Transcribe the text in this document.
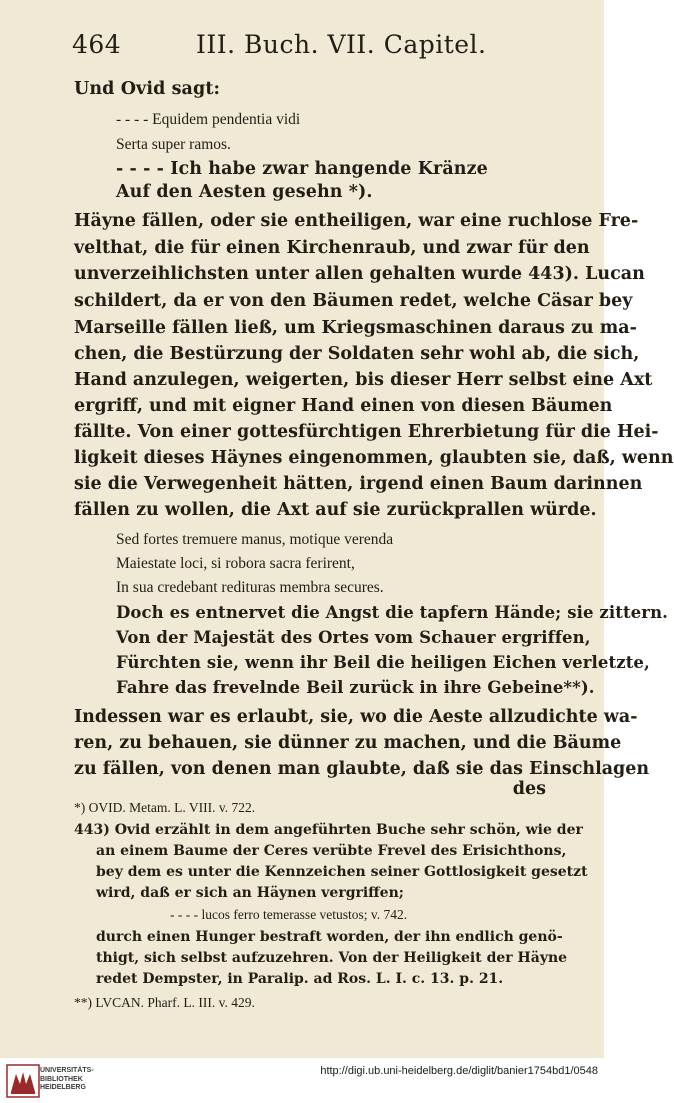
464	III. Buch. VII. Capitel.
Und Ovid sagt:
- - - - Equidem pendentia vidi
Serta super ramos.
- - - - Ich habe zwar hangende Kränze
Auf den Aesten gesehn *).
Häyne fällen, oder sie entheiligen, war eine ruchlose Fre-
velthat, die für einen Kirchenraub, und zwar für den
unverzeihlichsten unter allen gehalten wurde 443). Lucan
schildert, da er von den Bäumen redet, welche Cäsar bey
Marseille fällen ließ, um Kriegsmaschinen daraus zu ma-
chen, die Bestürzung der Soldaten sehr wohl ab, die sich,
Hand anzulegen, weigerten, bis dieser Herr selbst eine Axt
ergriff, und mit eigner Hand einen von diesen Bäumen
fällte. Von einer gottesfürchtigen Ehrerbietung für die Hei-
ligkeit dieses Häynes eingenommen, glaubten sie, daß, wenn
sie die Verwegenheit hätten, irgend einen Baum darinnen
fällen zu wollen, die Axt auf sie zurückprallen würde.
Sed fortes tremuere manus, motique verenda
Maiestate loci, si robora sacra ferirent,
In sua credebant redituras membra secures.
Doch es entnervet die Angst die tapfern Hände; sie zittern.
Von der Majestät des Ortes vom Schauer ergriffen,
Fürchten sie, wenn ihr Beil die heiligen Eichen verletzte,
Fahre das frevelnde Beil zurück in ihre Gebeine**).
Indessen war es erlaubt, sie, wo die Aeste allzudichte wa-
ren, zu behauen, sie dünner zu machen, und die Bäume
zu fällen, von denen man glaubte, daß sie das Einschlagen
des
*) OVID. Metam. L. VIII. v. 722.
443) Ovid erzählt in dem angeführten Buche sehr schön, wie der
an einem Baume der Ceres verübte Frevel des Erisichthons,
bey dem es unter die Kennzeichen seiner Gottlosigkeit gesetzt
wird, daß er sich an Häynen vergriffen;
- - - - lucos ferro temerasse vetustos; v. 742.
durch einen Hunger bestraft worden, der ihn endlich genö-
thigt, sich selbst aufzuzehren. Von der Heiligkeit der Häyne
redet Dempster, in Paralip. ad Ros. L. I. c. 13. p. 21.
**) LVCAN. Pharf. L. III. v. 429.
UNIVERSITÄTS-
BIBLIOTHEK
HEIDELBERG
http://digi.ub.uni-heidelberg.de/diglit/banier1754bd1/0548
